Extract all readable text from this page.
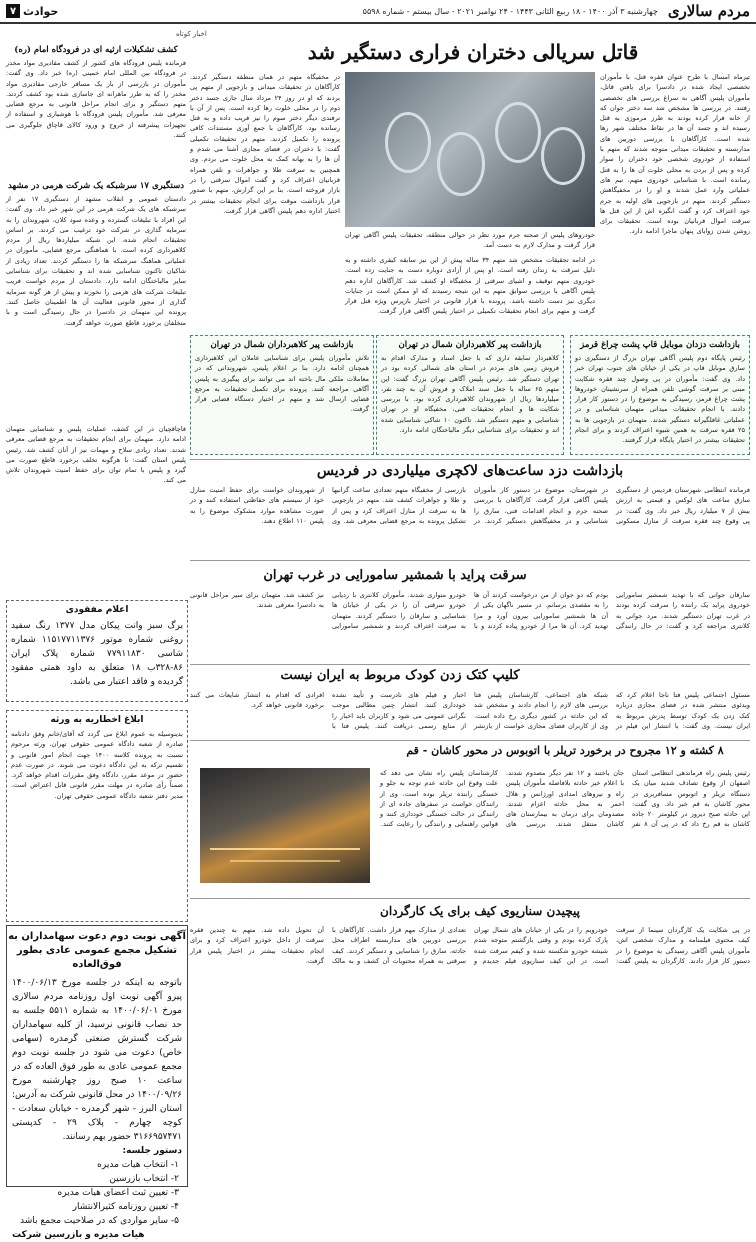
مردم سالاری
چهارشنبه ۳ آذر ۱۴۰۰ - ۱۸ ربیع الثانی ۱۴۴۳ - ۲۴ نوامبر ۲۰۲۱ - سال بیستم - شماره ۵۵۹۸
حوادث
۷
قاتل سریالی دختران فراری دستگیر شد
تیرماه امسال با طرح عنوان فقره قتل، با مأموران تخصصی ایجاد شده در دادسرا برای یافتن قاتل، مأموران پلیس آگاهی به سراغ بررسی های تخصصی رفتند. در بررسی ها مشخص شد سه دختر جوان که از خانه فرار کرده بودند به طرز مرموزی به قتل رسیده اند و جسد آن ها در نقاط مختلف شهر رها شده است. کارآگاهان با بررسی دوربین های مداربسته و تحقیقات میدانی متوجه شدند که متهم با استفاده از خودروی شخصی خود دختران را سوار کرده و پس از بردن به محلی خلوت آن ها را به قتل رسانده است. با شناسایی خودروی متهم، تیم های عملیاتی وارد عمل شدند و او را در مخفیگاهش دستگیر کردند. متهم در بازجویی های اولیه به جرم خود اعتراف کرد و گفت انگیزه اش از این قتل ها سرقت اموال قربانیان بوده است. تحقیقات برای روشن شدن زوایای پنهان ماجرا ادامه دارد.
خودروهای پلیس از صحنه جرم مورد نظر در حوالی منطقه، تحقیقات پلیس آگاهی تهران قرار گرفت و مدارک لازم به دست آمد.
در ادامه تحقیقات مشخص شد متهم ۳۴ ساله پیش از این نیز سابقه کیفری داشته و به دلیل سرقت به زندان رفته است. او پس از آزادی دوباره دست به جنایت زده است. خودروی متهم توقیف و اشیای سرقتی از مخفیگاه او کشف شد. کارآگاهان اداره دهم پلیس آگاهی با بررسی سوابق متهم به این نتیجه رسیدند که او ممکن است در جنایات دیگری نیز دست داشته باشد. پرونده با قرار قانونی در اختیار بازپرس ویژه قتل قرار گرفت و متهم برای انجام تحقیقات تکمیلی در اختیار پلیس آگاهی قرار گرفت.
در مخفیگاه متهم در همان منطقه دستگیر کردند. کارآگاهان در تحقیقات میدانی و بازجویی از متهم پی بردند که او در روز ۲۴ مرداد سال جاری جسد دختر دوم را در محلی خلوت رها کرده است. پس از آن با ترفندی دیگر دختر سوم را نیز فریب داده و به قتل رسانده بود. کارآگاهان با جمع آوری مستندات کافی پرونده را تکمیل کردند. متهم در تحقیقات تکمیلی گفت: با دختران در فضای مجازی آشنا می شدم و آن ها را به بهانه کمک به محل خلوت می بردم. وی همچنین به سرقت طلا و جواهرات و تلفن همراه قربانیان اعتراف کرد و گفت اموال سرقتی را در بازار فروخته است. بنا بر این گزارش، متهم با صدور قرار بازداشت موقت برای انجام تحقیقات بیشتر در اختیار اداره دهم پلیس آگاهی قرار گرفت.
بازداشت دزدان موبایل قاپ پشت چراغ قرمز
رئیس پایگاه دوم پلیس آگاهی تهران بزرگ از دستگیری دو سارق موبایل قاپ در یکی از خیابان های جنوب تهران خبر داد. وی گفت: مأموران در پی وصول چند فقره شکایت مبنی بر سرقت گوشی تلفن همراه از سرنشینان خودروها پشت چراغ قرمز، رسیدگی به موضوع را در دستور کار قرار دادند. با انجام تحقیقات میدانی متهمان شناسایی و در عملیاتی غافلگیرانه دستگیر شدند. متهمان در بازجویی ها به ۲۵ فقره سرقت به همین شیوه اعتراف کردند و برای انجام تحقیقات بیشتر در اختیار پایگاه قرار گرفتند.
بازداشت پیر کلاهبرداران شمال در تهران
کلاهبردار سابقه داری که با جعل اسناد و مدارک اقدام به فروش زمین های مردم در استان های شمالی کرده بود در تهران دستگیر شد. رئیس پلیس آگاهی تهران بزرگ گفت: این متهم ۶۵ ساله با جعل سند املاک و فروش آن به چند نفر، میلیاردها ریال از شهروندان کلاهبرداری کرده بود. با بررسی شکایت ها و انجام تحقیقات فنی، مخفیگاه او در تهران شناسایی و متهم دستگیر شد. تاکنون ۱۰ شاکی شناسایی شده اند و تحقیقات برای شناسایی دیگر مالباختگان ادامه دارد.
بازداشت پیر کلاهبرداران شمال در تهران
تلاش مأموران پلیس برای شناسایی عاملان این کلاهبرداری همچنان ادامه دارد. بنا بر اعلام پلیس، شهروندانی که در معاملات ملکی مال باخته اند می توانند برای پیگیری به پلیس آگاهی مراجعه کنند. پرونده برای تکمیل تحقیقات به مرجع قضایی ارسال شد و متهم در اختیار دستگاه قضایی قرار گرفت.
بازداشت دزد ساعت‌های لاکچری میلیاردی در فردیس
فرمانده انتظامی شهرستان فردیس از دستگیری سارق ساعت های لوکس و قیمتی به ارزش بیش از ۷ میلیارد ریال خبر داد. وی گفت: در پی وقوع چند فقره سرقت از منازل مسکونی در شهرستان، موضوع در دستور کار مأموران پلیس آگاهی قرار گرفت. کارآگاهان با بررسی صحنه جرم و انجام اقدامات فنی، سارق را شناسایی و در مخفیگاهش دستگیر کردند. در بازرسی از مخفیگاه متهم تعدادی ساعت گرانبها و طلا و جواهرات کشف شد. متهم در بازجویی ها به سرقت از منازل اعتراف کرد و پس از تشکیل پرونده به مرجع قضایی معرفی شد. وی از شهروندان خواست برای حفظ امنیت منازل خود از سیستم های حفاظتی استفاده کنند و در صورت مشاهده موارد مشکوک موضوع را به پلیس ۱۱۰ اطلاع دهند.
سرقت پراید با شمشیر سامورایی در غرب تهران
سارقان جوانی که با تهدید شمشیر سامورایی خودروی پراید یک راننده را سرقت کرده بودند در غرب تهران دستگیر شدند. مرد جوانی به کلانتری مراجعه کرد و گفت: در حال رانندگی بودم که دو جوان از من درخواست کردند آن ها را به مقصدی برسانم. در مسیر ناگهان یکی از آن ها شمشیر سامورایی بیرون آورد و مرا تهدید کرد. آن ها مرا از خودرو پیاده کردند و با خودرو متواری شدند. مأموران کلانتری با ردیابی خودرو سرقتی آن را در یکی از خیابان ها شناسایی و سارقان را دستگیر کردند. متهمان به سرقت اعتراف کردند و شمشیر سامورایی نیز کشف شد. متهمان برای سیر مراحل قانونی به دادسرا معرفی شدند.
کلیپ کتک زدن کودک مربوط به ایران نیست
مسئول اجتماعی پلیس فتا ناجا اعلام کرد که ویدئوی منتشر شده در فضای مجازی درباره کتک زدن یک کودک توسط پدرش مربوط به ایران نیست. وی گفت: با انتشار این فیلم در شبکه های اجتماعی، کارشناسان پلیس فتا بررسی های لازم را انجام دادند و مشخص شد که این حادثه در کشور دیگری رخ داده است. وی از کاربران فضای مجازی خواست از بازنشر اخبار و فیلم های نادرست و تأیید نشده خودداری کنند. انتشار چنین مطالبی موجب نگرانی عمومی می شود و کاربران باید اخبار را از منابع رسمی دریافت کنند. پلیس فتا با افرادی که اقدام به انتشار شایعات می کنند برخورد قانونی خواهد کرد.
۸ کشته و ۱۲ مجروح در برخورد تریلر با اتوبوس در محور کاشان - قم
رئیس پلیس راه فرماندهی انتظامی استان اصفهان از وقوع تصادف شدید میان یک دستگاه تریلر و اتوبوس مسافربری در محور کاشان به قم خبر داد. وی گفت: این حادثه صبح دیروز در کیلومتر ۲۰ جاده کاشان به قم رخ داد که در پی آن ۸ نفر جان باختند و ۱۲ نفر دیگر مصدوم شدند. با اعلام خبر حادثه بلافاصله مأموران پلیس راه و نیروهای امدادی اورژانس و هلال احمر به محل حادثه اعزام شدند. مصدومان برای درمان به بیمارستان های کاشان منتقل شدند. بررسی های کارشناسان پلیس راه نشان می دهد که علت وقوع این حادثه عدم توجه به جلو و خستگی راننده تریلر بوده است. وی از رانندگان خواست در سفرهای جاده ای از رانندگی در حالت خستگی خودداری کنند و قوانین راهنمایی و رانندگی را رعایت کنند.
پیچیدن سناریوی کیف برای یک کارگردان
در پی شکایت یک کارگردان سینما از سرقت کیف محتوی فیلمنامه و مدارک شخصی اش، مأموران پلیس آگاهی رسیدگی به موضوع را در دستور کار قرار دادند. کارگردان به پلیس گفت: خودرویم را در یکی از خیابان های شمال تهران پارک کرده بودم و وقتی بازگشتم متوجه شدم شیشه خودرو شکسته شده و کیفم سرقت شده است. در این کیف سناریوی فیلم جدیدم و تعدادی از مدارک مهم قرار داشت. کارآگاهان با بررسی دوربین های مداربسته اطراف محل حادثه، سارق را شناسایی و دستگیر کردند. کیف سرقتی به همراه محتویات آن کشف و به مالک آن تحویل داده شد. متهم به چندین فقره سرقت از داخل خودرو اعتراف کرد و برای انجام تحقیقات بیشتر در اختیار پلیس قرار گرفت.
اخبار کوتاه
کشف تشکیلات ارثیه ای در فرودگاه امام (ره)
فرمانده پلیس فرودگاه های کشور از کشف مقادیری مواد مخدر در فرودگاه بین المللی امام خمینی (ره) خبر داد. وی گفت: مأموران در بازرسی از بار یک مسافر خارجی مقادیری مواد مخدر را که به طرز ماهرانه ای جاسازی شده بود کشف کردند. متهم دستگیر و برای انجام مراحل قانونی به مرجع قضایی معرفی شد. مأموران پلیس فرودگاه با هوشیاری و استفاده از تجهیزات پیشرفته از خروج و ورود کالای قاچاق جلوگیری می کنند.
دستگیری ۱۷ سرشبکه یک شرکت هرمی در مشهد
دادستان عمومی و انقلاب مشهد از دستگیری ۱۷ نفر از سرشبکه های یک شرکت هرمی در این شهر خبر داد. وی گفت: این افراد با تبلیغات گسترده و وعده سود کلان، شهروندان را به سرمایه گذاری در شرکت خود ترغیب می کردند. بر اساس تحقیقات انجام شده، این شبکه میلیاردها ریال از مردم کلاهبرداری کرده است. با هماهنگی مرجع قضایی، مأموران در عملیاتی هماهنگ سرشبکه ها را دستگیر کردند. تعداد زیادی از شاکیان تاکنون شناسایی شده اند و تحقیقات برای شناسایی سایر مالباختگان ادامه دارد. دادستان از مردم خواست فریب تبلیغات شرکت های هرمی را نخورند و پیش از هر گونه سرمایه گذاری از مجوز قانونی فعالیت آن ها اطمینان حاصل کنند. پرونده این متهمان در دادسرا در حال رسیدگی است و با متخلفان برخورد قاطع صورت خواهد گرفت.
قاچاقچیان در این کشف، عملیات پلیس و شناسایی متهمان ادامه دارد. متهمان برای انجام تحقیقات به مرجع قضایی معرفی شدند. تعداد زیادی سلاح و مهمات نیز از آنان کشف شد. رئیس پلیس استان گفت: با هرگونه تخلف برخورد قاطع صورت می گیرد و پلیس با تمام توان برای حفظ امنیت شهروندان تلاش می کند.
اعلام مفقودی
برگ سبز وانت پیکان مدل ۱۳۷۷ رنگ سفید روغنی شماره موتور ۱۱۵۱۷۷۱۱۳۷۶ شماره شاسی ۷۷۹۱۱۸۳۰ شماره پلاک ایران ۸۶-۳۲۸ب ۱۸ متعلق به داود همتی مفقود گردیده و فاقد اعتبار می باشد.
ابلاغ اخطاریه به ورثه
بدینوسیله به عموم ابلاغ می گردد که آقای/خانم وفق دادنامه صادره از شعبه دادگاه عمومی حقوقی تهران، ورثه مرحوم نسبت به پرونده کلاسه ۱۴۰۰ جهت انجام امور قانونی و تقسیم ترکه به این دادگاه دعوت می شوند. در صورت عدم حضور در موعد مقرر، دادگاه وفق مقررات اقدام خواهد کرد. ضمناً رأی صادره در مهلت مقرر قانونی قابل اعتراض است. مدیر دفتر شعبه دادگاه عمومی حقوقی تهران.
آگهی نوبت دوم دعوت سهامداران به تشکیل مجمع عمومی عادی بطور فوق‌العاده
باتوجه به اینکه در جلسه مورخ ۱۴۰۰/۰۶/۱۳ پیرو آگهی نوبت اول روزنامه مردم سالاری مورخ ۱۴۰۰/۰۶/۰۱ به شماره ۵۵۱۱ جلسه به حد نصاب قانونی نرسید، از کلیه سهامداران شرکت گسترش صنعتی گرمدره (سهامی خاص) دعوت می شود در جلسه نوبت دوم مجمع عمومی عادی به طور فوق العاده که در ساعت ۱۰ صبح روز چهارشنبه مورخ ۱۴۰۰/۰۹/۲۶ در محل قانونی شرکت به آدرس: استان البرز - شهر گرمدره - خیابان سعادت - کوچه چهارم - پلاک ۲۹ - کدپستی ۳۱۶۶۹۵۷۴۷۱ حضور بهم رسانند.
دستور جلسه:
۱- انتخاب هیات مدیره
۲- انتخاب بازرسین
۳- تعیین ثبت اعضای هیات مدیره
۴- تعیین روزنامه کثیرالانتشار
۵- سایر مواردی که در صلاحیت مجمع باشد
هیات مدیره و بازرسین شرکت
